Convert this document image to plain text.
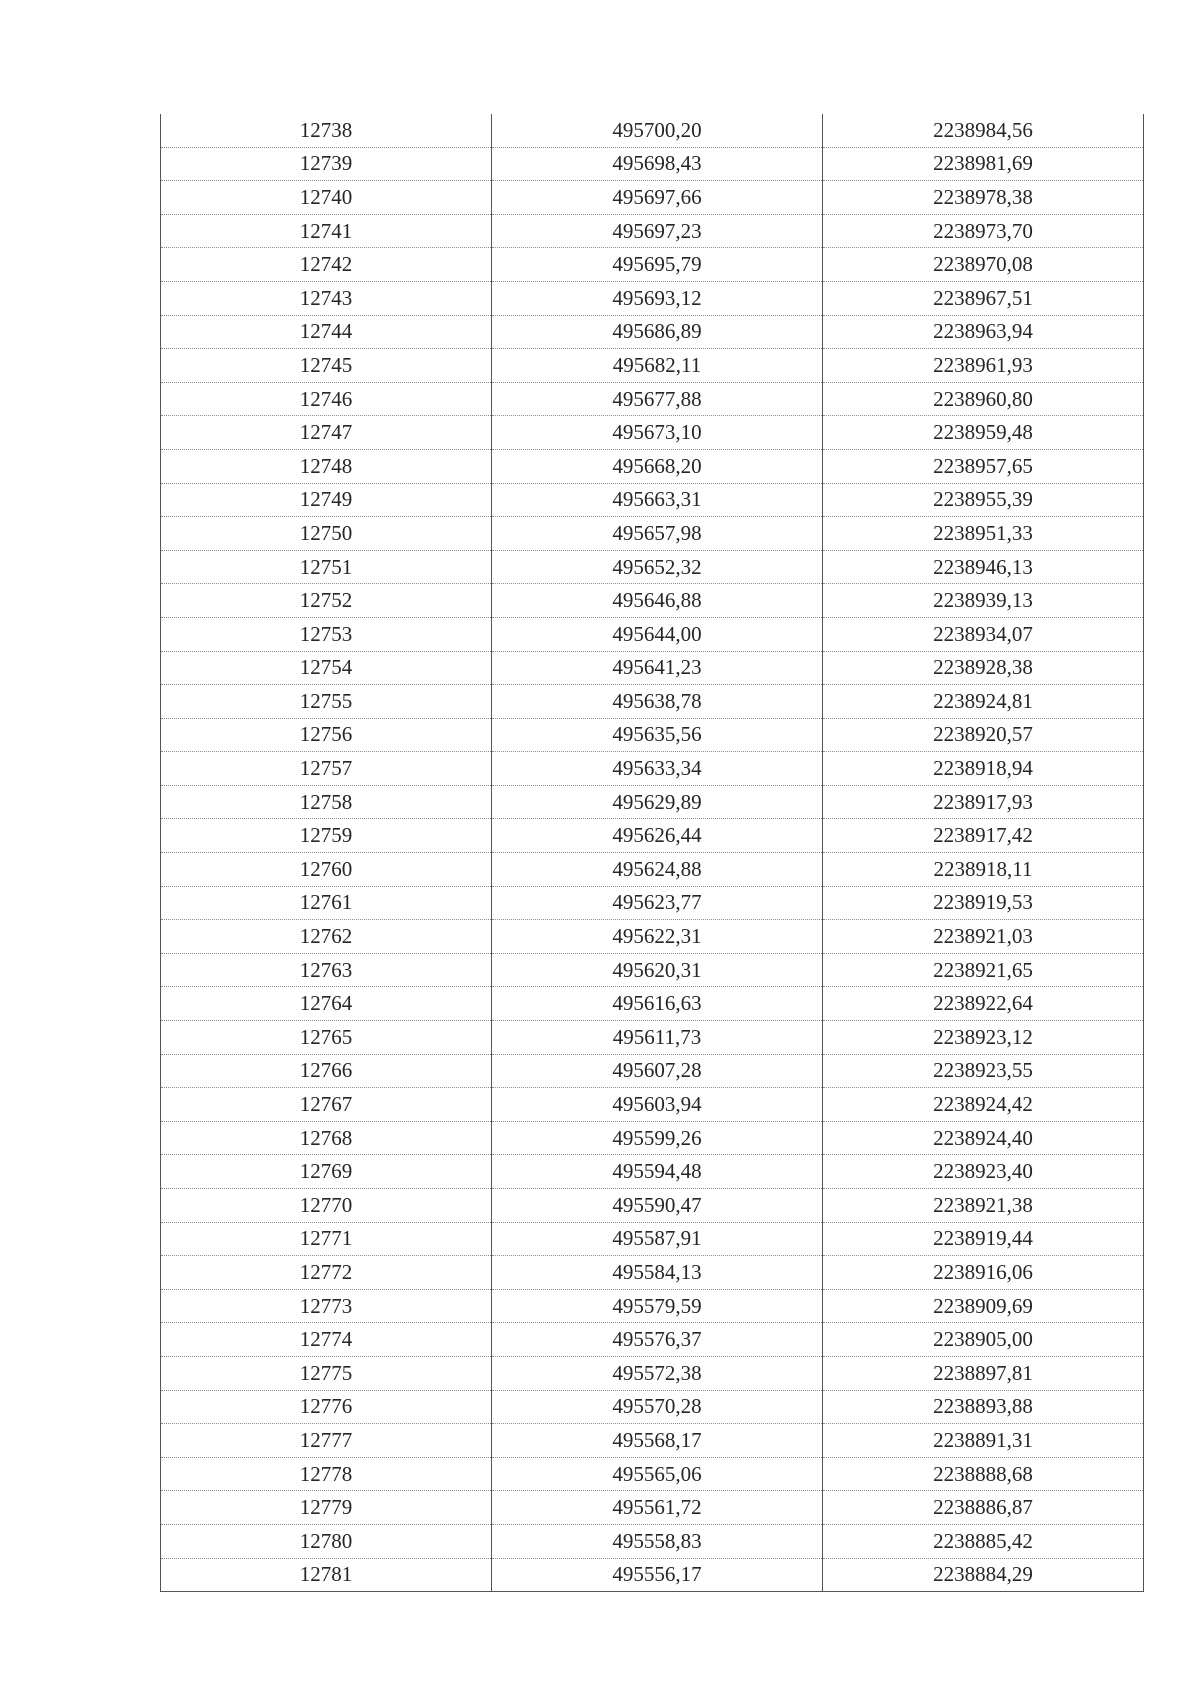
12738	495700,20	2238984,56
12739	495698,43	2238981,69
12740	495697,66	2238978,38
12741	495697,23	2238973,70
12742	495695,79	2238970,08
12743	495693,12	2238967,51
12744	495686,89	2238963,94
12745	495682,11	2238961,93
12746	495677,88	2238960,80
12747	495673,10	2238959,48
12748	495668,20	2238957,65
12749	495663,31	2238955,39
12750	495657,98	2238951,33
12751	495652,32	2238946,13
12752	495646,88	2238939,13
12753	495644,00	2238934,07
12754	495641,23	2238928,38
12755	495638,78	2238924,81
12756	495635,56	2238920,57
12757	495633,34	2238918,94
12758	495629,89	2238917,93
12759	495626,44	2238917,42
12760	495624,88	2238918,11
12761	495623,77	2238919,53
12762	495622,31	2238921,03
12763	495620,31	2238921,65
12764	495616,63	2238922,64
12765	495611,73	2238923,12
12766	495607,28	2238923,55
12767	495603,94	2238924,42
12768	495599,26	2238924,40
12769	495594,48	2238923,40
12770	495590,47	2238921,38
12771	495587,91	2238919,44
12772	495584,13	2238916,06
12773	495579,59	2238909,69
12774	495576,37	2238905,00
12775	495572,38	2238897,81
12776	495570,28	2238893,88
12777	495568,17	2238891,31
12778	495565,06	2238888,68
12779	495561,72	2238886,87
12780	495558,83	2238885,42
12781	495556,17	2238884,29
